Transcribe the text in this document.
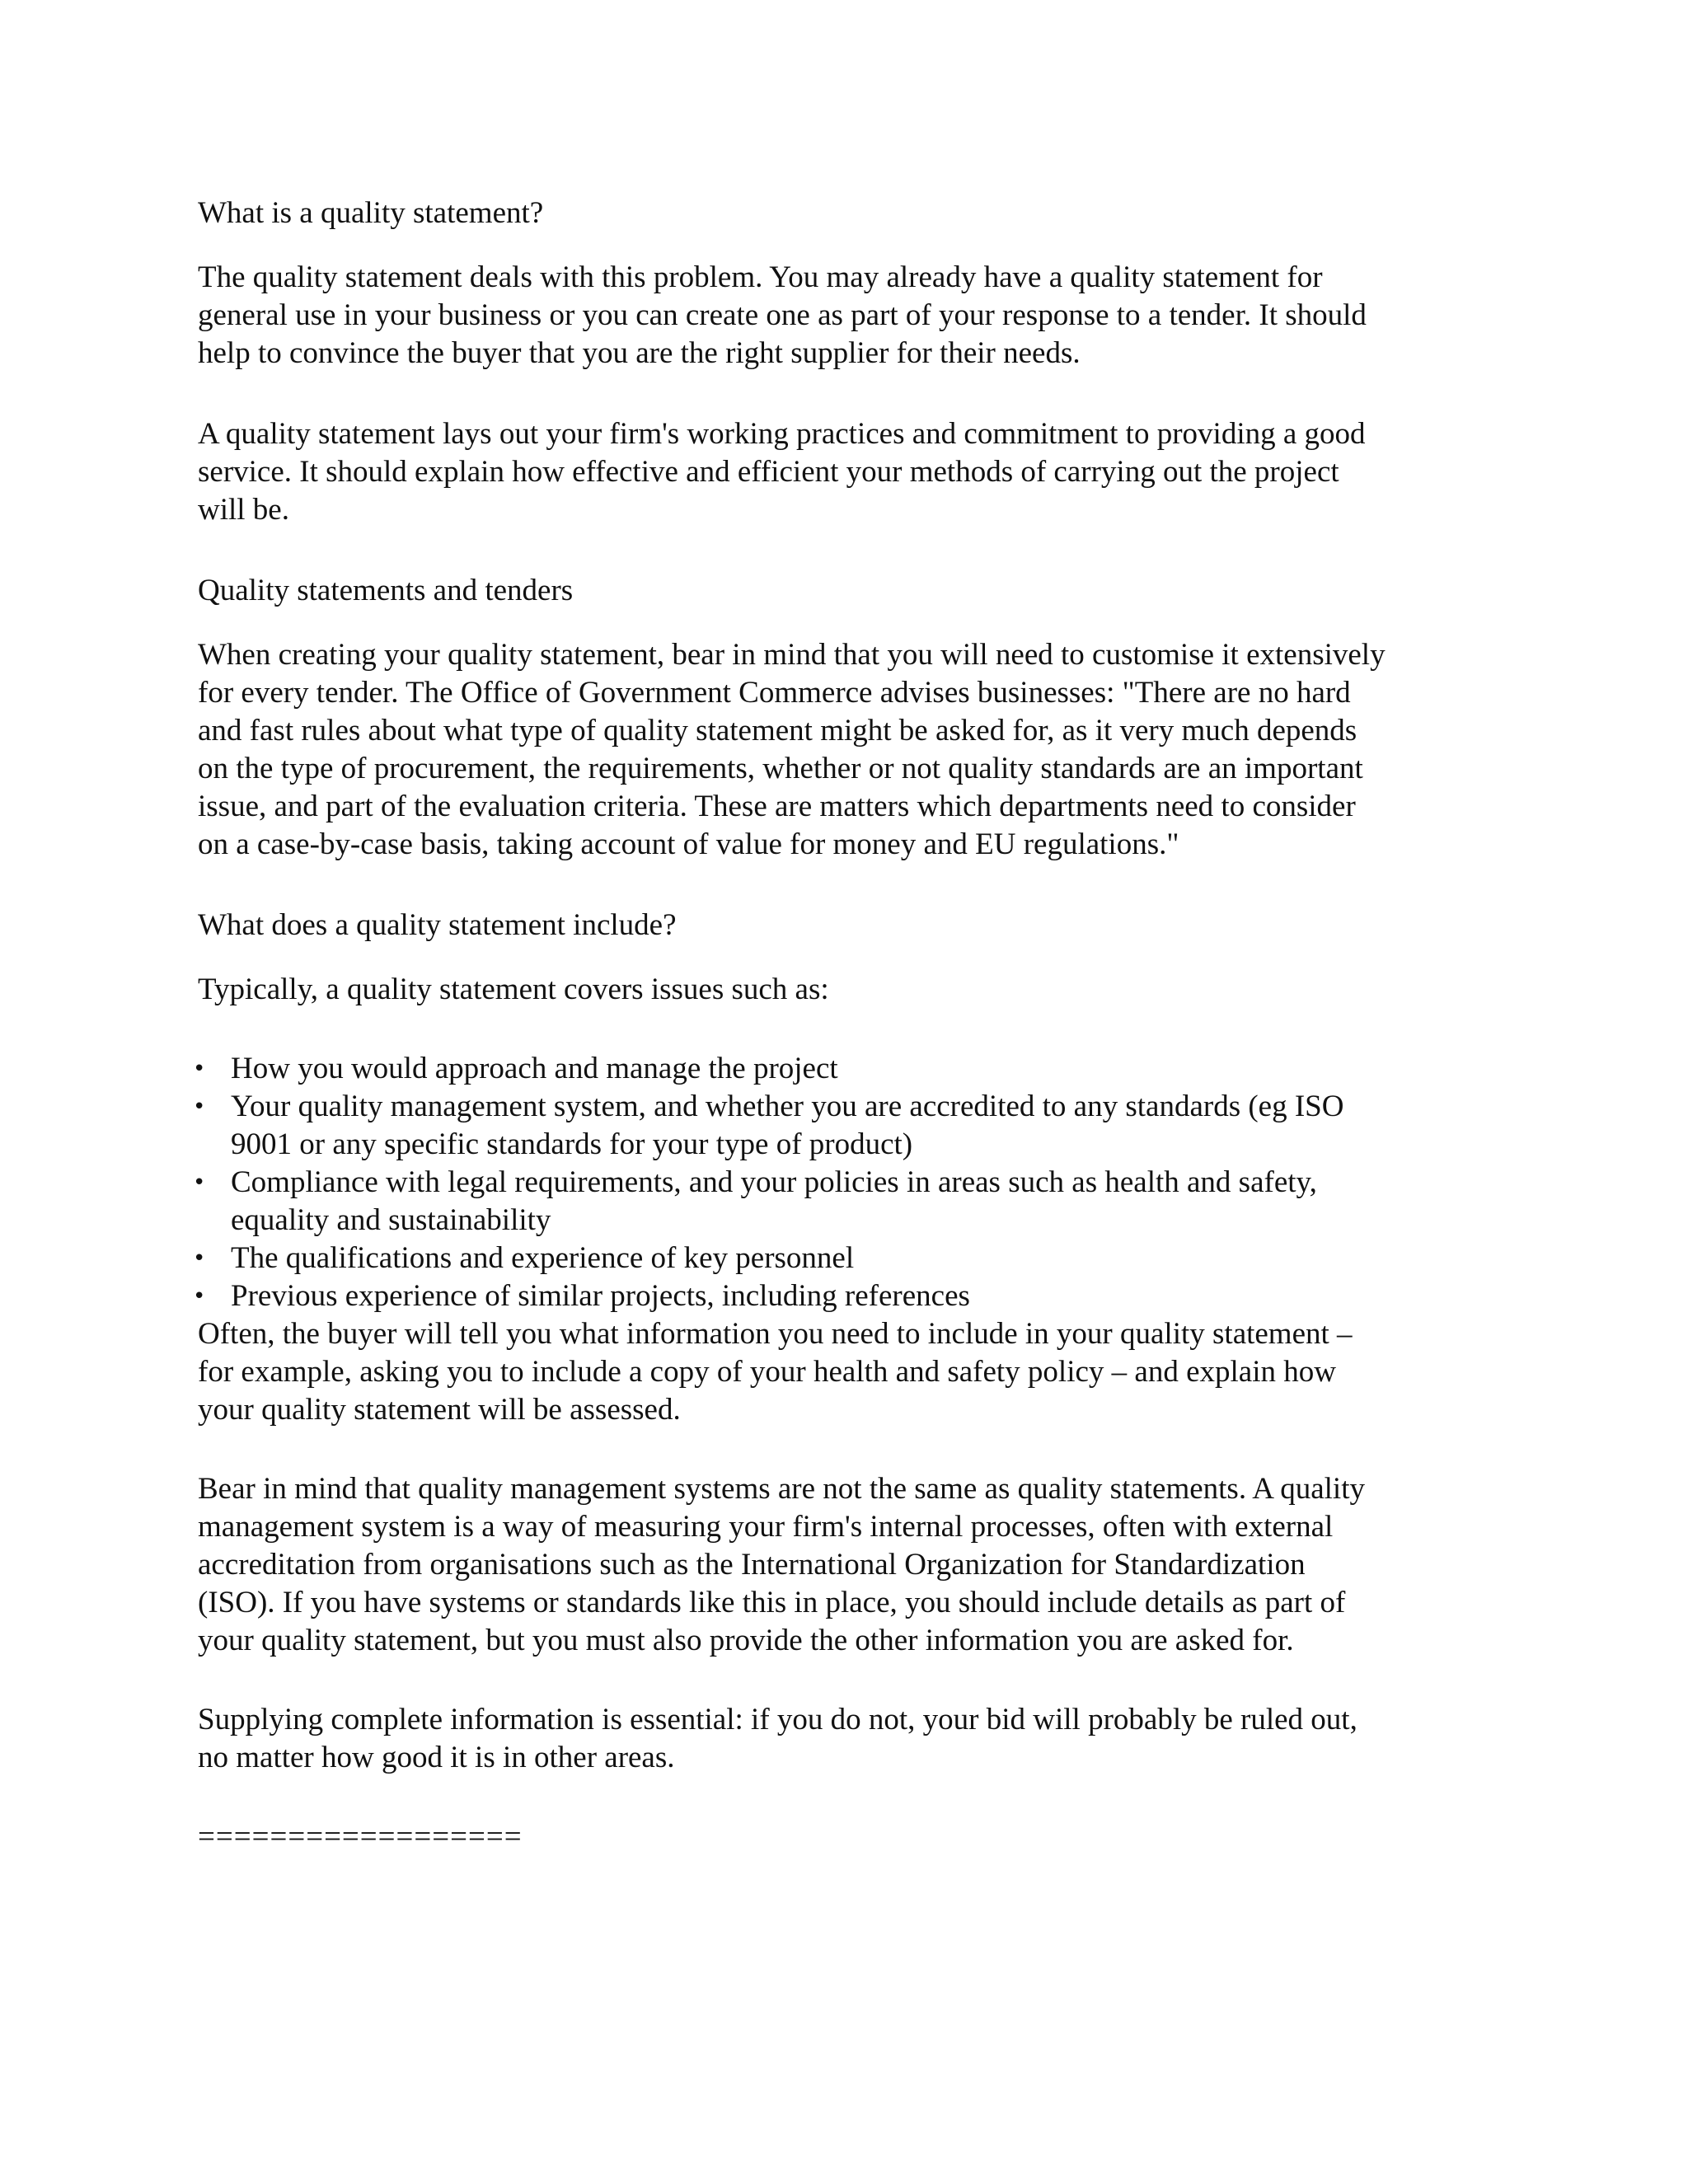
What is a quality statement?

The quality statement deals with this problem. You may already have a quality statement for
general use in your business or you can create one as part of your response to a tender. It should
help to convince the buyer that you are the right supplier for their needs.

A quality statement lays out your firm's working practices and commitment to providing a good
service. It should explain how effective and efficient your methods of carrying out the project
will be.

Quality statements and tenders

When creating your quality statement, bear in mind that you will need to customise it extensively
for every tender. The Office of Government Commerce advises businesses: "There are no hard
and fast rules about what type of quality statement might be asked for, as it very much depends
on the type of procurement, the requirements, whether or not quality standards are an important
issue, and part of the evaluation criteria. These are matters which departments need to consider
on a case-by-case basis, taking account of value for money and EU regulations."

What does a quality statement include?

Typically, a quality statement covers issues such as:

• How you would approach and manage the project
• Your quality management system, and whether you are accredited to any standards (eg ISO
9001 or any specific standards for your type of product)
• Compliance with legal requirements, and your policies in areas such as health and safety,
equality and sustainability
• The qualifications and experience of key personnel
• Previous experience of similar projects, including references

Often, the buyer will tell you what information you need to include in your quality statement –
for example, asking you to include a copy of your health and safety policy – and explain how
your quality statement will be assessed.

Bear in mind that quality management systems are not the same as quality statements. A quality
management system is a way of measuring your firm's internal processes, often with external
accreditation from organisations such as the International Organization for Standardization
(ISO). If you have systems or standards like this in place, you should include details as part of
your quality statement, but you must also provide the other information you are asked for.

Supplying complete information is essential: if you do not, your bid will probably be ruled out,
no matter how good it is in other areas.

==================
